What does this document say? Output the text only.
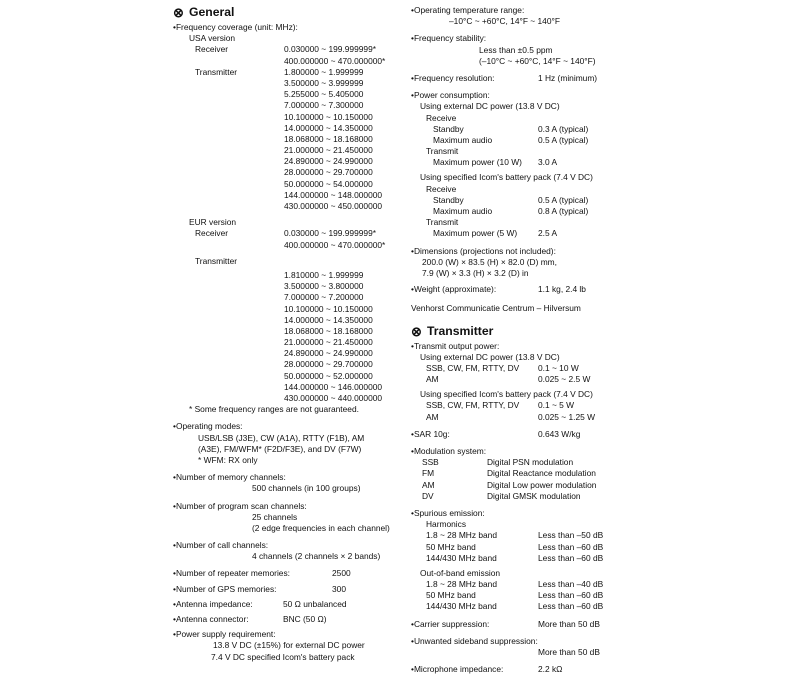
⊗ General
• Frequency coverage (unit: MHz):
USA version
Receiver	0.030000 ~ 199.999999*
400.000000 ~ 470.000000*
Transmitter	1.800000 ~ 1.999999
3.500000 ~ 3.999999
5.255000 ~ 5.405000
7.000000 ~ 7.300000
10.100000 ~ 10.150000
14.000000 ~ 14.350000
18.068000 ~ 18.168000
21.000000 ~ 21.450000
24.890000 ~ 24.990000
28.000000 ~ 29.700000
50.000000 ~ 54.000000
144.000000 ~ 148.000000
430.000000 ~ 450.000000
EUR version
Receiver	0.030000 ~ 199.999999*
400.000000 ~ 470.000000*
Transmitter
1.810000 ~ 1.999999
3.500000 ~ 3.800000
7.000000 ~ 7.200000
10.100000 ~ 10.150000
14.000000 ~ 14.350000
18.068000 ~ 18.168000
21.000000 ~ 21.450000
24.890000 ~ 24.990000
28.000000 ~ 29.700000
50.000000 ~ 52.000000
144.000000 ~ 146.000000
430.000000 ~ 440.000000
* Some frequency ranges are not guaranteed.
• Operating modes:
USB/LSB (J3E), CW (A1A), RTTY (F1B), AM
(A3E), FM/WFM* (F2D/F3E), and DV (F7W)
* WFM: RX only
• Number of memory channels:
500 channels (in 100 groups)
• Number of program scan channels:
25 channels
(2 edge frequencies in each channel)
• Number of call channels:
4 channels (2 channels × 2 bands)
• Number of repeater memories:	2500
• Number of GPS memories:	300
• Antenna impedance:	50 Ω unbalanced
• Antenna connector:	BNC (50 Ω)
• Power supply requirement:
13.8 V DC (±15%) for external DC power
7.4 V DC specified Icom's battery pack
• Operating temperature range:
–10°C ~ +60°C, 14°F ~ 140°F
• Frequency stability:
Less than ±0.5 ppm
(–10°C ~ +60°C, 14°F ~ 140°F)
• Frequency resolution:	1 Hz (minimum)
• Power consumption:
Using external DC power (13.8 V DC)
Receive
Standby	0.3 A (typical)
Maximum audio	0.5 A (typical)
Transmit
Maximum power (10 W) 3.0 A
Using specified Icom's battery pack (7.4 V DC)
Receive
Standby	0.5 A (typical)
Maximum audio	0.8 A (typical)
Transmit
Maximum power (5 W) 2.5 A
• Dimensions (projections not included):
200.0 (W) × 83.5 (H) × 82.0 (D) mm,
7.9 (W) × 3.3 (H) × 3.2 (D) in
• Weight (approximate):	1.1 kg, 2.4 lb
Venhorst Communicatie Centrum – Hilversum
⊗ Transmitter
• Transmit output power:
Using external DC power (13.8 V DC)
SSB, CW, FM, RTTY, DV 0.1 ~ 10 W
AM	0.025 ~ 2.5 W
Using specified Icom's battery pack (7.4 V DC)
SSB, CW, FM, RTTY, DV 0.1 ~ 5 W
AM	0.025 ~ 1.25 W
• SAR 10g:	0.643 W/kg
• Modulation system:
SSB	Digital PSN modulation
FM	Digital Reactance modulation
AM	Digital Low power modulation
DV	Digital GMSK modulation
• Spurious emission:
Harmonics
1.8 ~ 28 MHz band	Less than –50 dB
50 MHz band	Less than –60 dB
144/430 MHz band	Less than –60 dB
Out-of-band emission
1.8 ~ 28 MHz band	Less than –40 dB
50 MHz band	Less than –60 dB
144/430 MHz band	Less than –60 dB
• Carrier suppression:	More than 50 dB
• Unwanted sideband suppression:
More than 50 dB
• Microphone impedance:	2.2 kΩ
